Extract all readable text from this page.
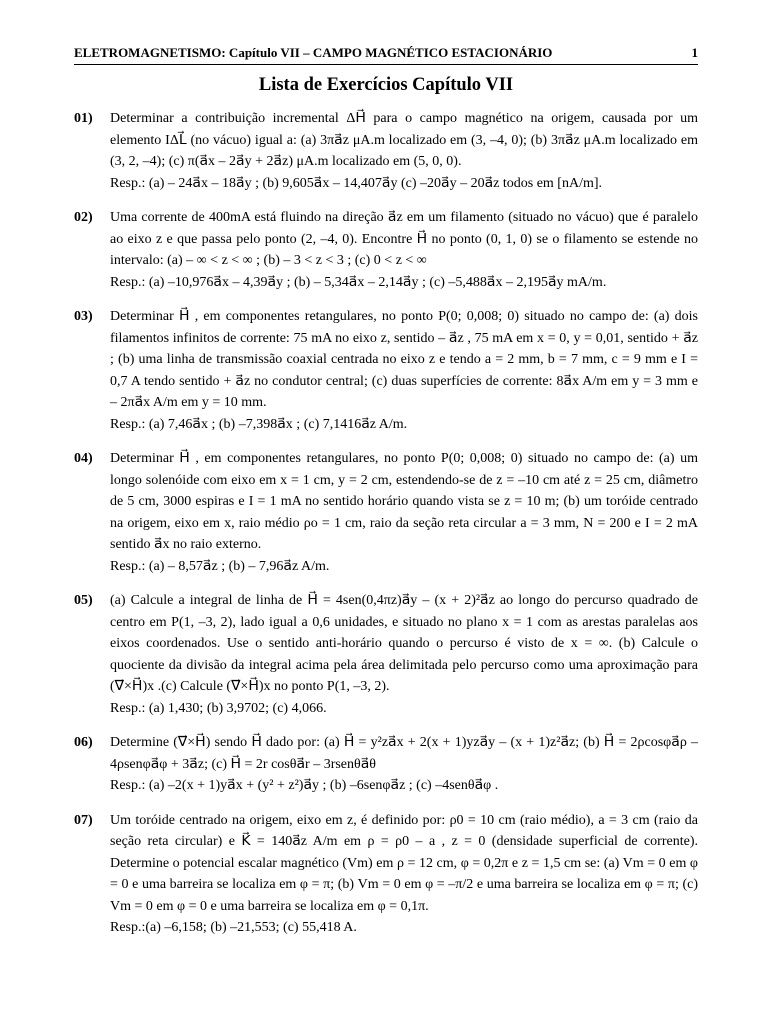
ELETROMAGNETISMO: Capítulo VII – CAMPO MAGNÉTICO ESTACIONÁRIO	1
Lista de Exercícios Capítulo VII
01)	Determinar a contribuição incremental ΔH⃗ para o campo magnético na origem, causada por um elemento IΔL⃗ (no vácuo) igual a: (a) 3πa⃗z μA.m localizado em (3, –4, 0); (b) 3πa⃗z μA.m localizado em (3, 2, –4); (c) π(a⃗x – 2a⃗y + 2a⃗z) μA.m localizado em (5, 0, 0).

Resp.: (a) – 24a⃗x – 18a⃗y ; (b) 9,605a⃗x – 14,407a⃗y (c) –20a⃗y – 20a⃗z todos em [nA/m].

02)	Uma corrente de 400mA está fluindo na direção a⃗z em um filamento (situado no vácuo) que é paralelo ao eixo z e que passa pelo ponto (2, –4, 0). Encontre H⃗ no ponto (0, 1, 0) se o filamento se estende no intervalo: (a) – ∞ < z < ∞ ; (b) – 3 < z < 3 ; (c) 0 < z < ∞

Resp.: (a) –10,976a⃗x – 4,39a⃗y ; (b) – 5,34a⃗x – 2,14a⃗y ; (c) –5,488a⃗x – 2,195a⃗y mA/m.

03)	Determinar H⃗ , em componentes retangulares, no ponto P(0; 0,008; 0) situado no campo de: (a) dois filamentos infinitos de corrente: 75 mA no eixo z, sentido – a⃗z , 75 mA em x = 0, y = 0,01, sentido + a⃗z ; (b) uma linha de transmissão coaxial centrada no eixo z e tendo a = 2 mm, b = 7 mm, c = 9 mm e I = 0,7 A tendo sentido + a⃗z no condutor central; (c) duas superfícies de corrente: 8a⃗x A/m em y = 3 mm e – 2πa⃗x A/m em y = 10 mm.

Resp.: (a) 7,46a⃗x ; (b) –7,398a⃗x ; (c) 7,1416a⃗z A/m.

04)	Determinar H⃗ , em componentes retangulares, no ponto P(0; 0,008; 0) situado no campo de: (a) um longo solenóide com eixo em x = 1 cm, y = 2 cm, estendendo-se de z = –10 cm até z = 25 cm, diâmetro de 5 cm, 3000 espiras e I = 1 mA no sentido horário quando vista se z = 10 m; (b) um toróide centrado na origem, eixo em x, raio médio ρo = 1 cm, raio da seção reta circular a = 3 mm, N = 200 e I = 2 mA sentido a⃗x no raio externo.

Resp.: (a) – 8,57a⃗z ; (b) – 7,96a⃗z A/m.

05)	(a) Calcule a integral de linha de H⃗ = 4sen(0,4πz)a⃗y – (x + 2)²a⃗z ao longo do percurso quadrado de centro em P(1, –3, 2), lado igual a 0,6 unidades, e situado no plano x = 1 com as arestas paralelas aos eixos coordenados. Use o sentido anti-horário quando o percurso é visto de x = ∞. (b) Calcule o quociente da divisão da integral acima pela área delimitada pelo percurso como uma aproximação para (∇⃗×H⃗)x .(c) Calcule (∇⃗×H⃗)x no ponto P(1, –3, 2).

Resp.: (a) 1,430; (b) 3,9702; (c) 4,066.

06)	Determine (∇⃗×H⃗) sendo H⃗ dado por: (a) H⃗ = y²za⃗x + 2(x + 1)yza⃗y – (x + 1)z²a⃗z; (b) H⃗ = 2ρcosφa⃗ρ – 4ρsenφa⃗φ + 3a⃗z; (c) H⃗ = 2r cosθa⃗r – 3rsenθa⃗θ

Resp.: (a) –2(x + 1)ya⃗x + (y² + z²)a⃗y ; (b) –6senφa⃗z ; (c) –4senθa⃗φ .

07)	Um toróide centrado na origem, eixo em z, é definido por: ρ0 = 10 cm (raio médio), a = 3 cm (raio da seção reta circular) e K⃗ = 140a⃗z A/m em ρ = ρ0 – a , z = 0 (densidade superficial de corrente). Determine o potencial escalar magnético (Vm) em ρ = 12 cm, φ = 0,2π e z = 1,5 cm se: (a) Vm = 0 em φ = 0 e uma barreira se localiza em φ = π; (b) Vm = 0 em φ = –π/2 e uma barreira se localiza em φ = π; (c) Vm = 0 em φ = 0 e uma barreira se localiza em φ = 0,1π.

Resp.:(a) –6,158; (b) –21,553; (c) 55,418 A.
